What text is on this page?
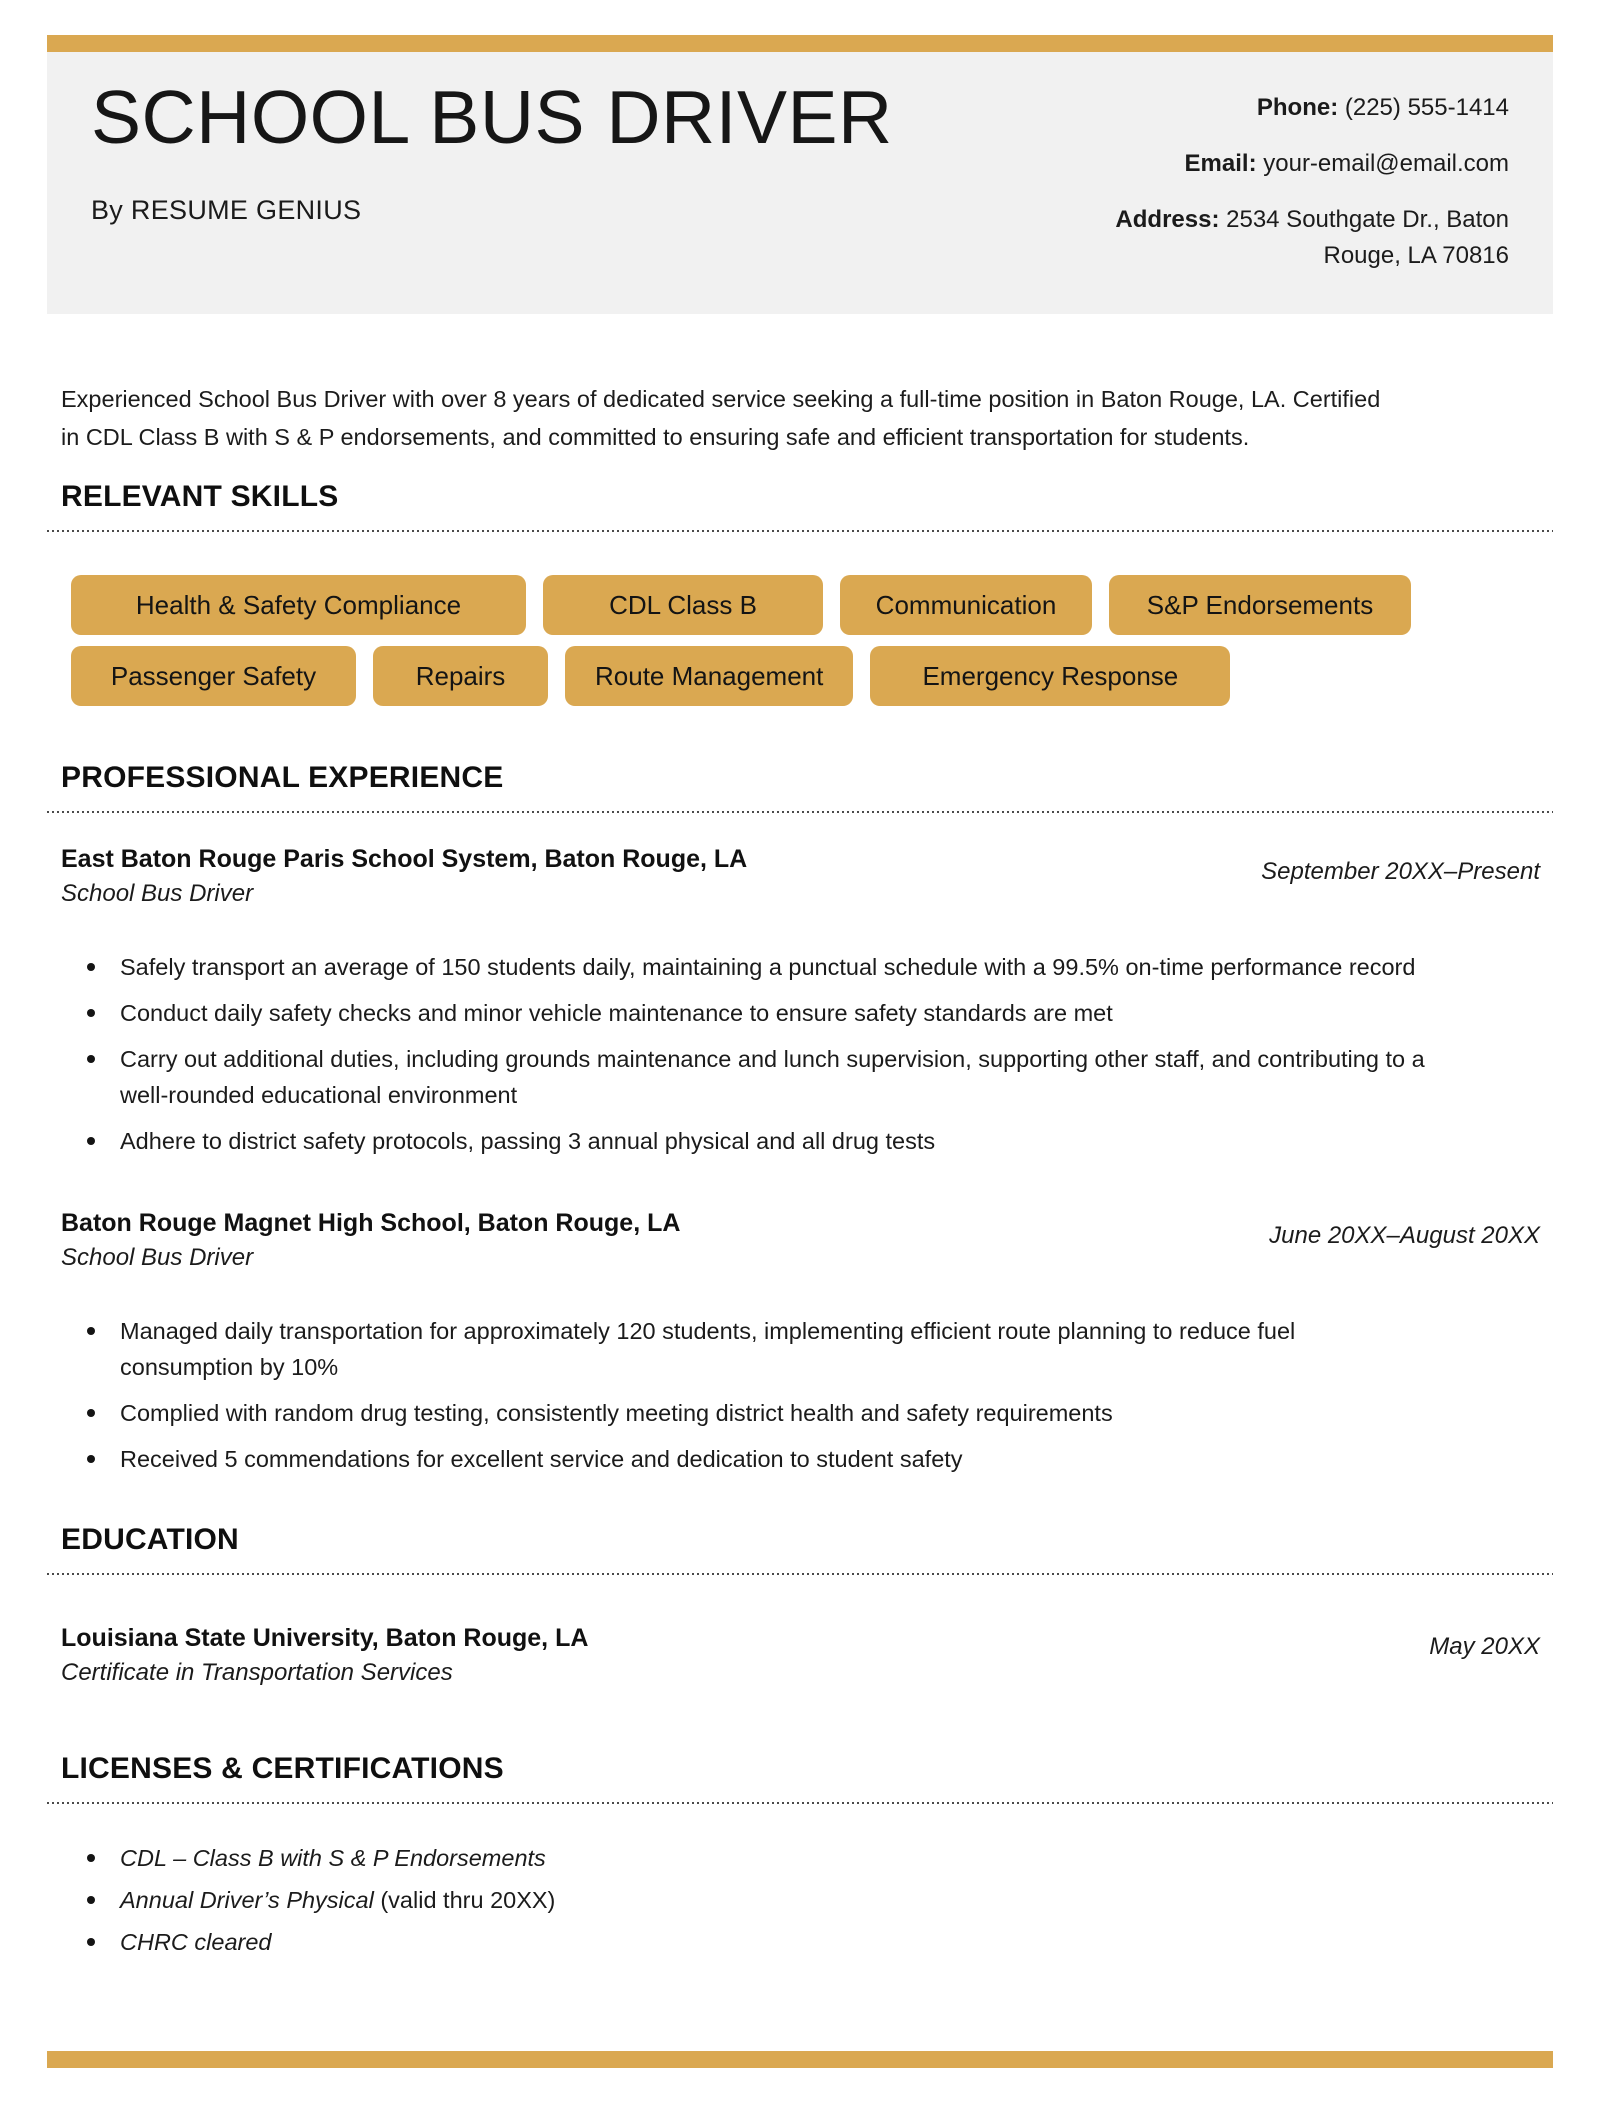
SCHOOL BUS DRIVER
By RESUME GENIUS
Phone: (225) 555-1414
Email: your-email@email.com
Address: 2534 Southgate Dr., Baton Rouge, LA 70816

Experienced School Bus Driver with over 8 years of dedicated service seeking a full-time position in Baton Rouge, LA. Certified in CDL Class B with S & P endorsements, and committed to ensuring safe and efficient transportation for students.

RELEVANT SKILLS
Health & Safety Compliance	CDL Class B	Communication	S&P Endorsements
Passenger Safety	Repairs	Route Management	Emergency Response
PROFESSIONAL EXPERIENCE
East Baton Rouge Paris School System, Baton Rouge, LA
School Bus Driver
September 20XX–Present
Safely transport an average of 150 students daily, maintaining a punctual schedule with a 99.5% on-time performance record
Conduct daily safety checks and minor vehicle maintenance to ensure safety standards are met
Carry out additional duties, including grounds maintenance and lunch supervision, supporting other staff, and contributing to a well-rounded educational environment
Adhere to district safety protocols, passing 3 annual physical and all drug tests
Baton Rouge Magnet High School, Baton Rouge, LA
School Bus Driver
June 20XX–August 20XX
Managed daily transportation for approximately 120 students, implementing efficient route planning to reduce fuel consumption by 10%
Complied with random drug testing, consistently meeting district health and safety requirements
Received 5 commendations for excellent service and dedication to student safety
EDUCATION
Louisiana State University, Baton Rouge, LA
Certificate in Transportation Services
May 20XX
LICENSES & CERTIFICATIONS
CDL – Class B with S & P Endorsements
Annual Driver’s Physical (valid thru 20XX)
CHRC cleared
